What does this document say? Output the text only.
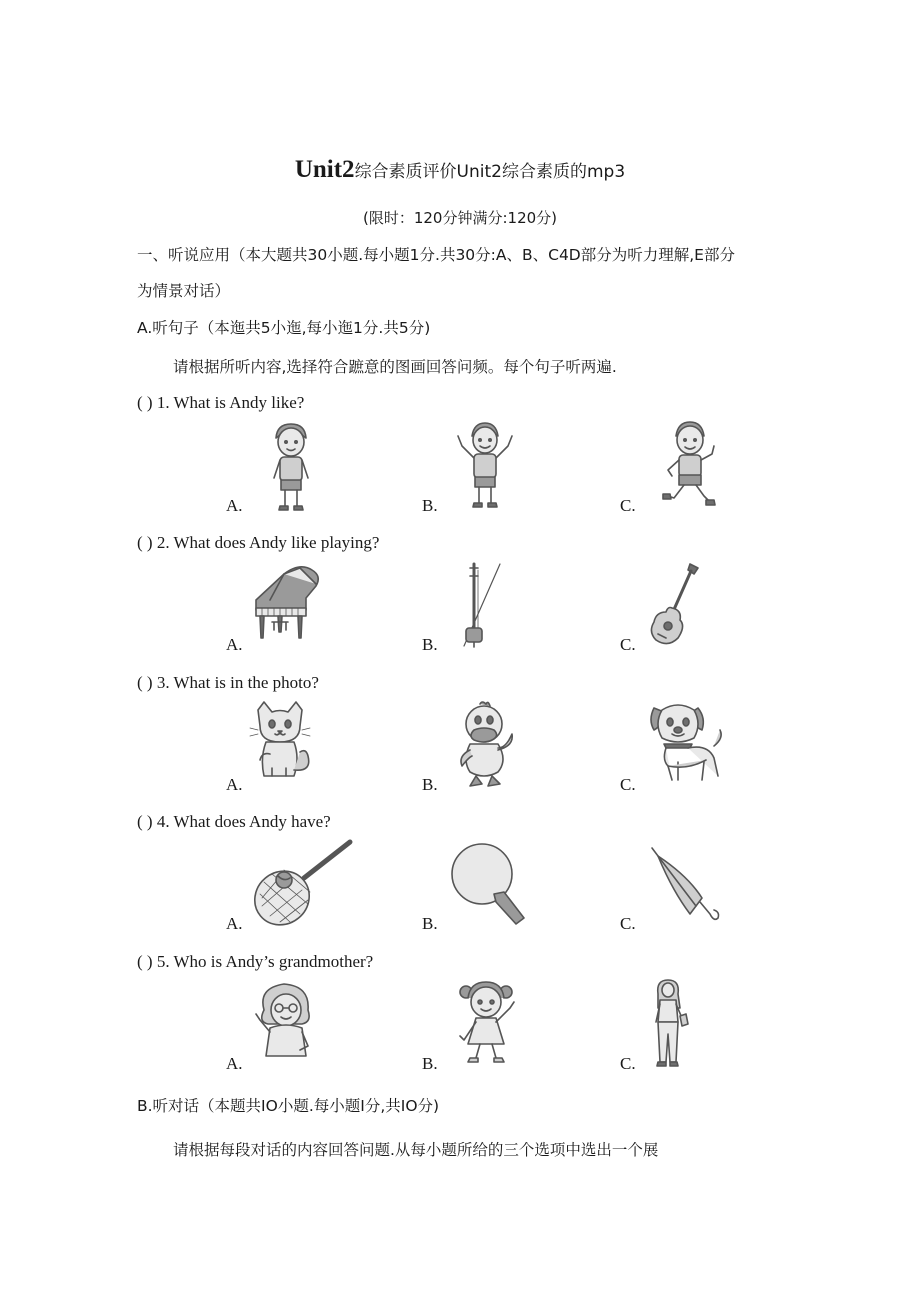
Unit2综合素质评价Unit2综合素质的mp3
(限时：120分钟满分:120分)
一、听说应用（本大题共30小题.每小题1分.共30分:A、B、C4D部分为听力理解,E部分
为情景对话）
A.听句子（本迤共5小迤,每小迤1分.共5分)
请根据所听内容,选择符合蹠意的图画回答问频。每个句子听两遍.
( ) 1. What is Andy like?
A.	B.	C.
( ) 2. What does Andy like playing?
A.	B.	C.
( ) 3. What is in the photo?
A.	B.	C.
( ) 4. What does Andy have?
A.	B.	C.
( ) 5. Who is Andy’s grandmother?
A.	B.	C.
B.听对话（本题共IO小题.每小题I分,共IO分)
请根据每段对话的内容回答问题.从每小题所给的三个选项中选出一个展
